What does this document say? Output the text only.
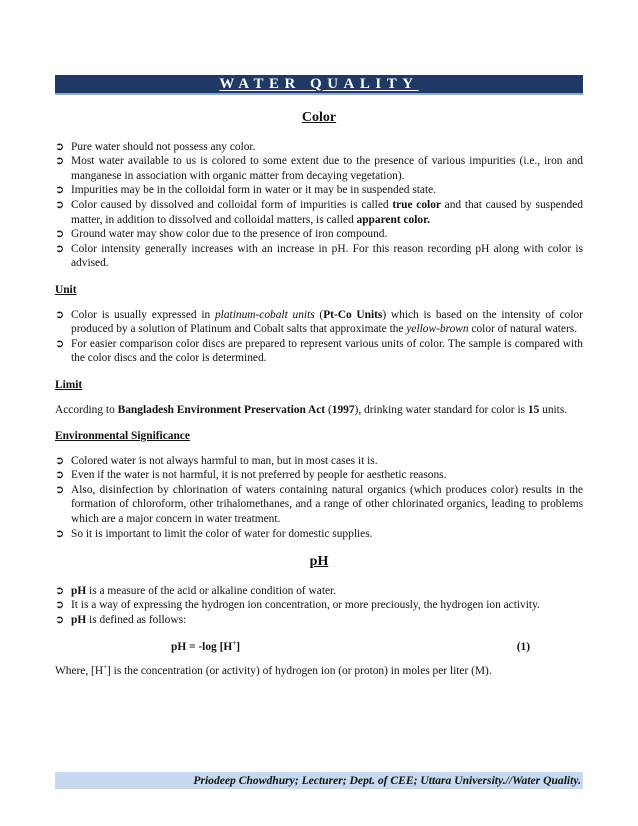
WATER QUALITY
Color
➲ Pure water should not possess any color.
➲ Most water available to us is colored to some extent due to the presence of various impurities (i.e., iron and manganese in association with organic matter from decaying vegetation).
➲ Impurities may be in the colloidal form in water or it may be in suspended state.
➲ Color caused by dissolved and colloidal form of impurities is called true color and that caused by suspended matter, in addition to dissolved and colloidal matters, is called apparent color.
➲ Ground water may show color due to the presence of iron compound.
➲ Color intensity generally increases with an increase in pH. For this reason recording pH along with color is advised.
Unit
➲ Color is usually expressed in platinum-cobalt units (Pt-Co Units) which is based on the intensity of color produced by a solution of Platinum and Cobalt salts that approximate the yellow-brown color of natural waters.
➲ For easier comparison color discs are prepared to represent various units of color. The sample is compared with the color discs and the color is determined.
Limit

According to Bangladesh Environment Preservation Act (1997), drinking water standard for color is 15 units.

Environmental Significance
➲ Colored water is not always harmful to man, but in most cases it is.
➲ Even if the water is not harmful, it is not preferred by people for aesthetic reasons.
➲ Also, disinfection by chlorination of waters containing natural organics (which produces color) results in the formation of chloroform, other trihalomethanes, and a range of other chlorinated organics, leading to problems which are a major concern in water treatment.
➲ So it is important to limit the color of water for domestic supplies.
pH
➲ pH is a measure of the acid or alkaline condition of water.
➲ It is a way of expressing the hydrogen ion concentration, or more preciously, the hydrogen ion activity.
➲ pH is defined as follows:
pH = -log [H+]	(1)

Where, [H+] is the concentration (or activity) of hydrogen ion (or proton) in moles per liter (M).

Priodeep Chowdhury; Lecturer; Dept. of CEE; Uttara University.//Water Quality.
